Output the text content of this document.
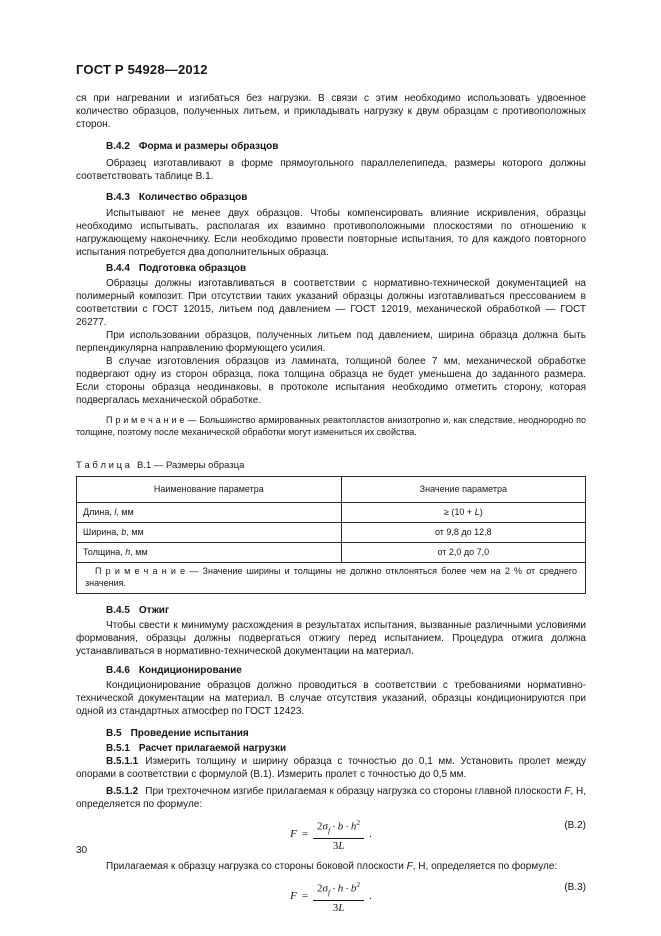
ГОСТ Р 54928—2012

ся при нагревании и изгибаться без нагрузки. В связи с этим необходимо использовать удвоенное количество образцов, полученных литьем, и прикладывать нагрузку к двум образцам с противоположных сторон.

В.4.2 Форма и размеры образцов

Образец изготавливают в форме прямоугольного параллелепипеда, размеры которого должны соответствовать таблице В.1.

В.4.3 Количество образцов

Испытывают не менее двух образцов. Чтобы компенсировать влияние искривления, образцы необходимо испытывать, располагая их взаимно противоположными плоскостями по отношению к нагружающему наконечнику. Если необходимо провести повторные испытания, то для каждого повторного испытания потребуется два дополнительных образца.

В.4.4 Подготовка образцов

Образцы должны изготавливаться в соответствии с нормативно-технической документацией на полимерный композит. При отсутствии таких указаний образцы должны изготавливаться прессованием в соответствии с ГОСТ 12015, литьем под давлением — ГОСТ 12019, механической обработкой — ГОСТ 26277.

При использовании образцов, полученных литьем под давлением, ширина образца должна быть перпендикулярна направлению формующего усилия.

В случае изготовления образцов из ламината, толщиной более 7 мм, механической обработке подвергают одну из сторон образца, пока толщина образца не будет уменьшена до заданного размера. Если стороны образца неодинаковы, в протоколе испытания необходимо отметить сторону, которая подвергалась механической обработке.

П р и м е ч а н и е — Большинство армированных реактопластов анизотропно и, как следствие, неоднородно по толщине, поэтому после механической обработки могут измениться их свойства.

Т а б л и ц а В.1 — Размеры образца

Наименование параметра	Значение параметра
Длина, l, мм	≥ (10 + L)
Ширина, b, мм	от 9,8 до 12,8
Толщина, h, мм	от 2,0 до 7,0
П р и м е ч а н и е — Значение ширины и толщины не должно отклоняться более чем на 2 % от среднего значения.	

В.4.5 Отжиг

Чтобы свести к минимуму расхождения в результатах испытания, вызванные различными условиями формования, образцы должны подвергаться отжигу перед испытанием. Процедура отжига должна устанавливаться в нормативно-технической документации на материал.

В.4.6 Кондиционирование

Кондиционирование образцов должно проводиться в соответствии с требованиями нормативно-технической документации на материал. В случае отсутствия указаний, образцы кондиционируются при одной из стандартных атмосфер по ГОСТ 12423.

В.5 Проведение испытания

В.5.1 Расчет прилагаемой нагрузки

В.5.1.1 Измерить толщину и ширину образца с точностью до 0,1 мм. Установить пролет между опорами в соответствии с формулой (В.1). Измерить пролет с точностью до 0,5 мм.

В.5.1.2 При трехточечном изгибе прилагаемая к образцу нагрузка со стороны главной плоскости F, Н, определяется по формуле:

$F = \frac{2\sigma_f \cdot b \cdot h^2}{3L}$ .
(В.2)

Прилагаемая к образцу нагрузка со стороны боковой плоскости F, Н, определяется по формуле:

$F = \frac{2\sigma_f \cdot h \cdot b^2}{3L}$ .
(В.3)
30
